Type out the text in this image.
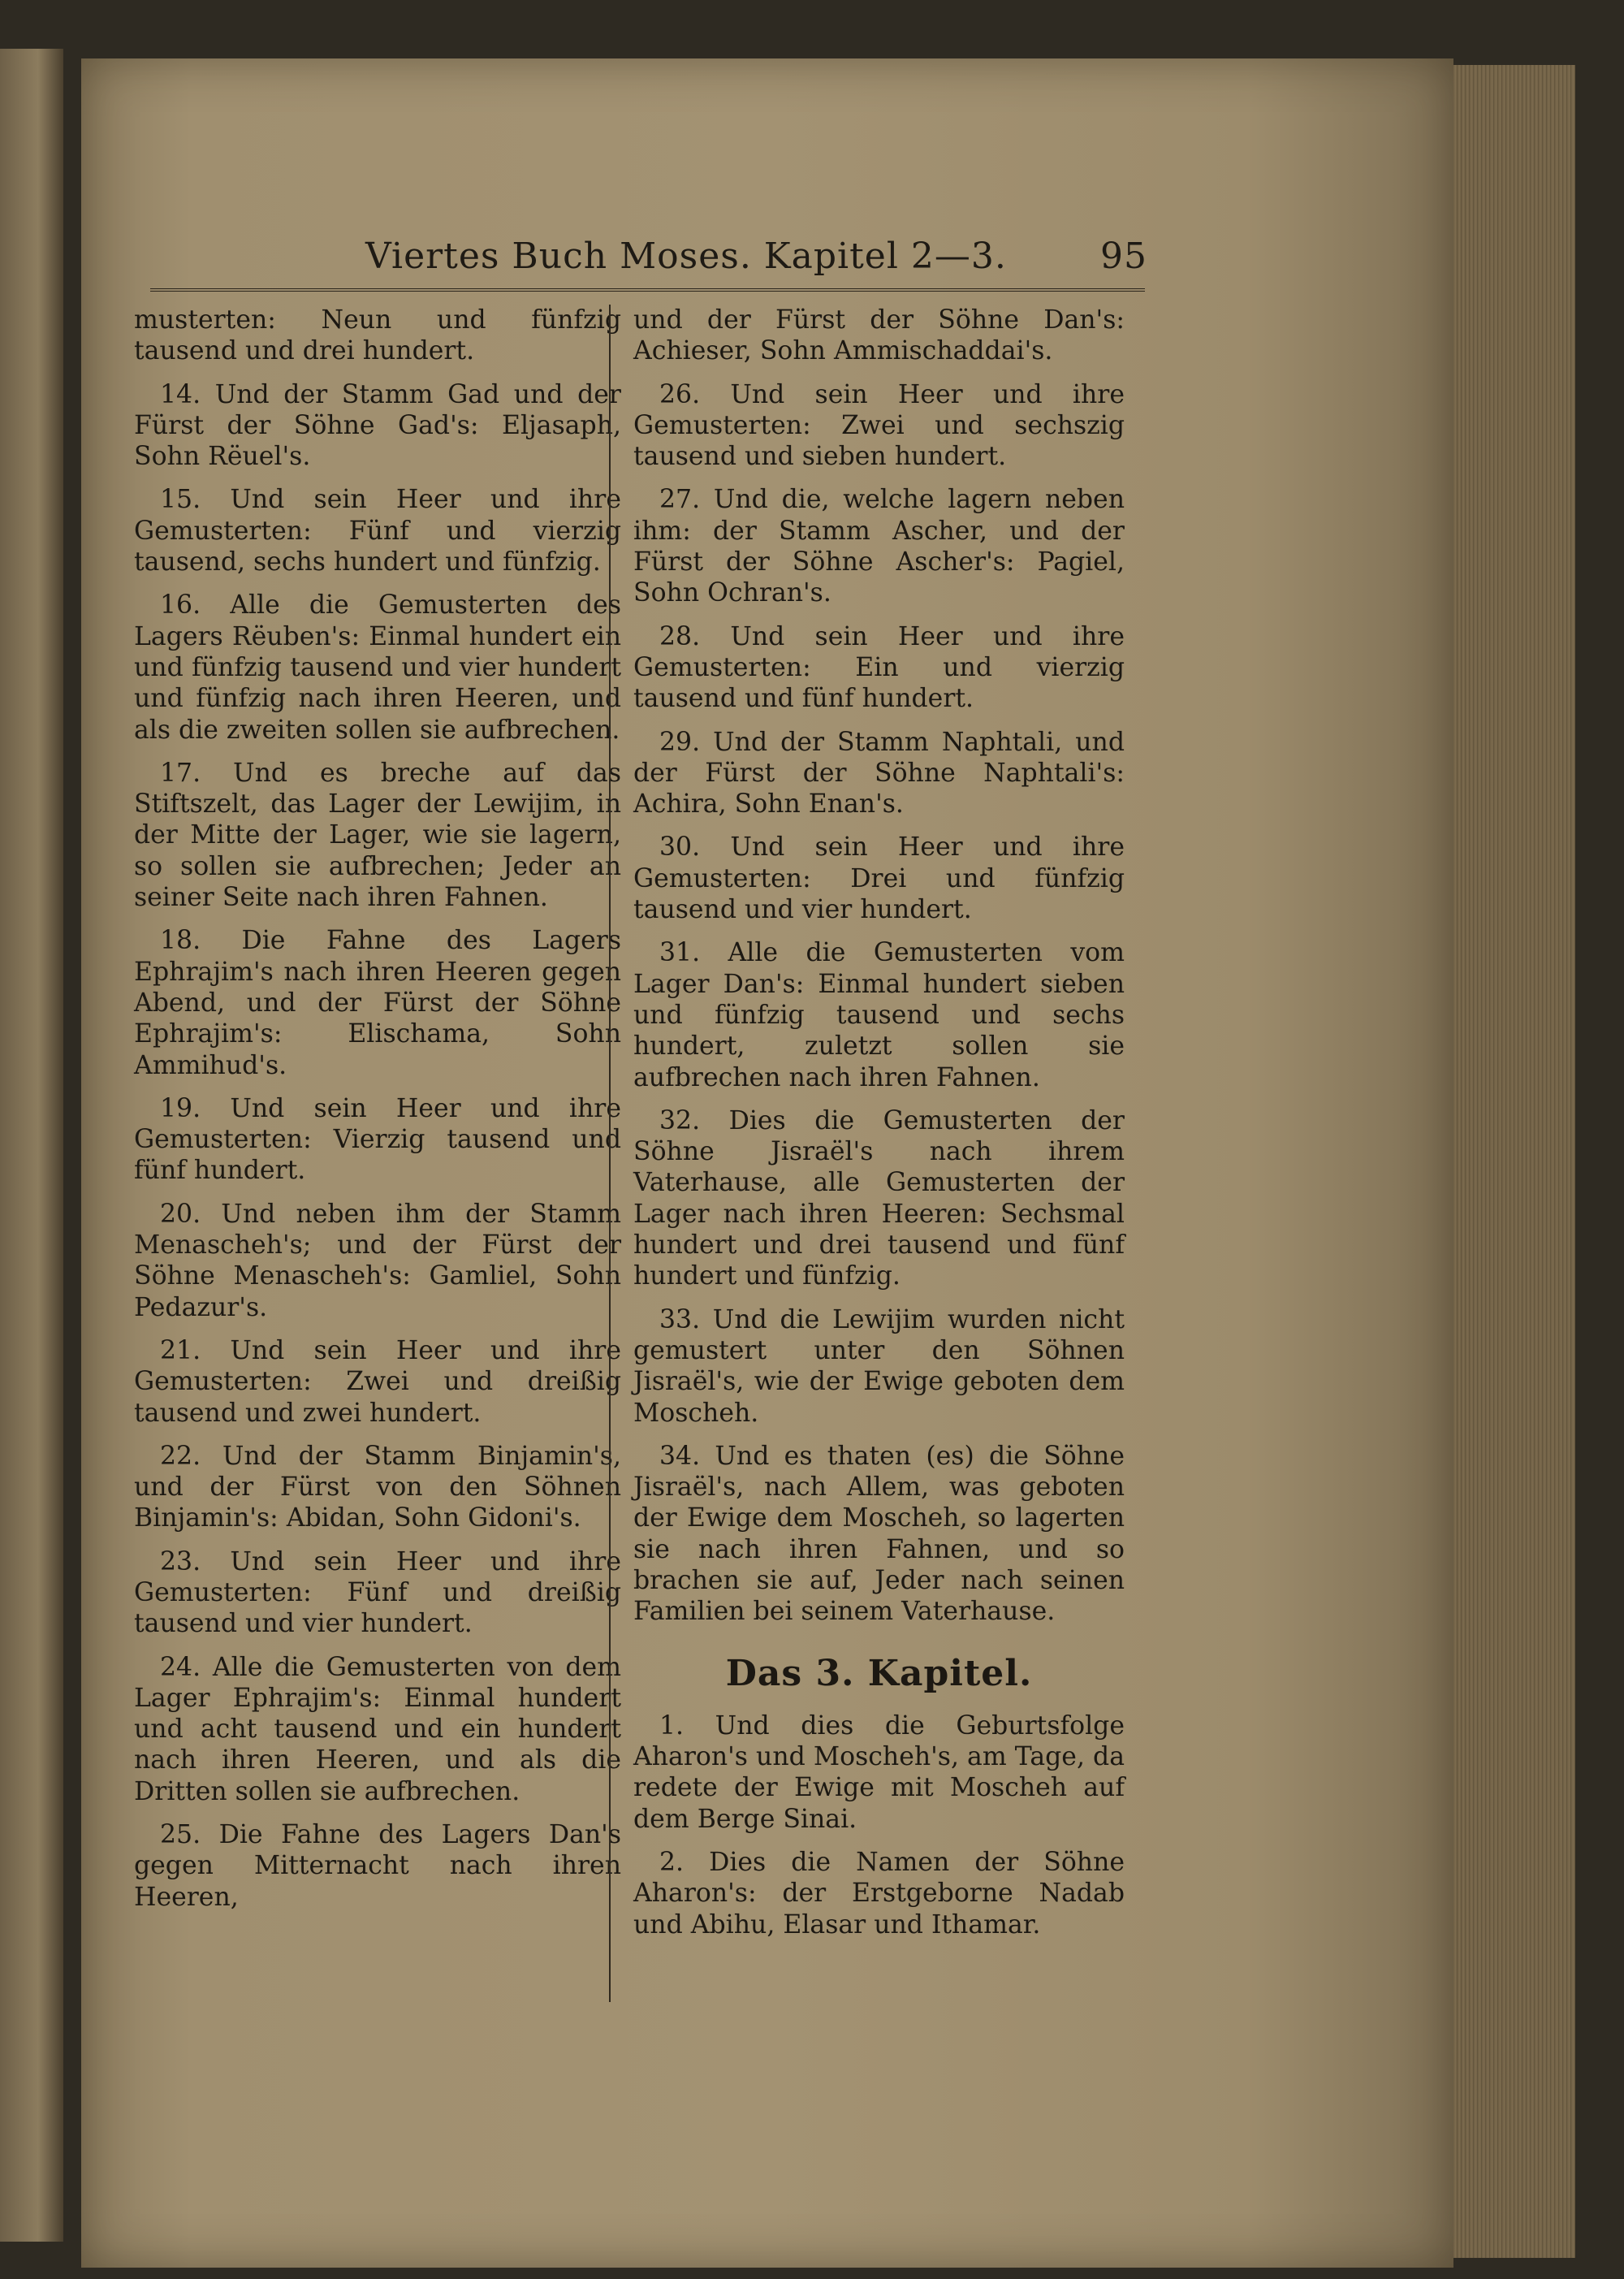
Viertes Buch Moses. Kapitel 2—3.	95

musterten: Neun und fünfzig tausend und drei hundert.

14. Und der Stamm Gad und der Fürst der Söhne Gad's: Eljasaph, Sohn Rëuel's.

15. Und sein Heer und ihre Gemusterten: Fünf und vierzig tausend, sechs hundert und fünfzig.

16. Alle die Gemusterten des Lagers Rëuben's: Einmal hundert ein und fünfzig tausend und vier hundert und fünfzig nach ihren Heeren, und als die zweiten sollen sie aufbrechen.

17. Und es breche auf das Stiftszelt, das Lager der Lewijim, in der Mitte der Lager, wie sie lagern, so sollen sie aufbrechen; Jeder an seiner Seite nach ihren Fahnen.

18. Die Fahne des Lagers Ephrajim's nach ihren Heeren gegen Abend, und der Fürst der Söhne Ephrajim's: Elischama, Sohn Ammihud's.

19. Und sein Heer und ihre Gemusterten: Vierzig tausend und fünf hundert.

20. Und neben ihm der Stamm Menascheh's; und der Fürst der Söhne Menascheh's: Gamliel, Sohn Pedazur's.

21. Und sein Heer und ihre Gemusterten: Zwei und dreißig tausend und zwei hundert.

22. Und der Stamm Binjamin's, und der Fürst von den Söhnen Binjamin's: Abidan, Sohn Gidoni's.

23. Und sein Heer und ihre Gemusterten: Fünf und dreißig tausend und vier hundert.

24. Alle die Gemusterten von dem Lager Ephrajim's: Einmal hundert und acht tausend und ein hundert nach ihren Heeren, und als die Dritten sollen sie aufbrechen.

25. Die Fahne des Lagers Dan's gegen Mitternacht nach ihren Heeren,

und der Fürst der Söhne Dan's: Achieser, Sohn Ammischaddai's.

26. Und sein Heer und ihre Gemusterten: Zwei und sechszig tausend und sieben hundert.

27. Und die, welche lagern neben ihm: der Stamm Ascher, und der Fürst der Söhne Ascher's: Pagiel, Sohn Ochran's.

28. Und sein Heer und ihre Gemusterten: Ein und vierzig tausend und fünf hundert.

29. Und der Stamm Naphtali, und der Fürst der Söhne Naphtali's: Achira, Sohn Enan's.

30. Und sein Heer und ihre Gemusterten: Drei und fünfzig tausend und vier hundert.

31. Alle die Gemusterten vom Lager Dan's: Einmal hundert sieben und fünfzig tausend und sechs hundert, zuletzt sollen sie aufbrechen nach ihren Fahnen.

32. Dies die Gemusterten der Söhne Jisraël's nach ihrem Vaterhause, alle Gemusterten der Lager nach ihren Heeren: Sechsmal hundert und drei tausend und fünf hundert und fünfzig.

33. Und die Lewijim wurden nicht gemustert unter den Söhnen Jisraël's, wie der Ewige geboten dem Moscheh.

34. Und es thaten (es) die Söhne Jisraël's, nach Allem, was geboten der Ewige dem Moscheh, so lagerten sie nach ihren Fahnen, und so brachen sie auf, Jeder nach seinen Familien bei seinem Vaterhause.

Das 3. Kapitel.

1. Und dies die Geburtsfolge Aharon's und Moscheh's, am Tage, da redete der Ewige mit Moscheh auf dem Berge Sinai.

2. Dies die Namen der Söhne Aharon's: der Erstgeborne Nadab und Abihu, Elasar und Ithamar.
